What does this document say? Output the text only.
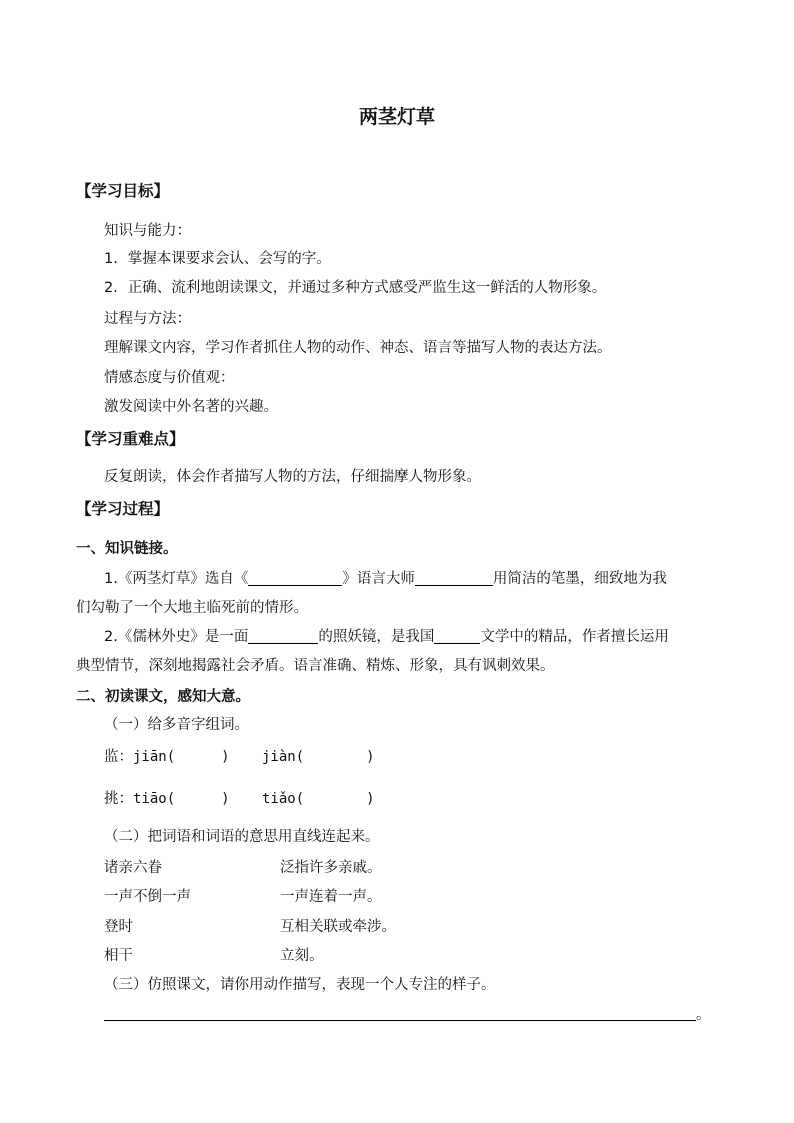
两茎灯草
【学习目标】
知识与能力：
1．掌握本课要求会认、会写的字。
2．正确、流利地朗读课文，并通过多种方式感受严监生这一鲜活的人物形象。
过程与方法：
理解课文内容，学习作者抓住人物的动作、神态、语言等描写人物的表达方法。
情感态度与价值观：
激发阅读中外名著的兴趣。
【学习重难点】
反复朗读，体会作者描写人物的方法，仔细揣摩人物形象。
【学习过程】
一、知识链接。
1.《两茎灯草》选自《	》语言大师	用简洁的笔墨，细致地为我
们勾勒了一个大地主临死前的情形。
2.《儒林外史》是一面	的照妖镜，是我国	文学中的精品，作者擅长运用
典型情节，深刻地揭露社会矛盾。语言准确、精炼、形象，具有讽刺效果。
二、初读课文，感知大意。
（一）给多音字组词。
监：jiān(	) jiàn(	)
挑：tiāo(	) tiǎo(	)
（二）把词语和词语的意思用直线连起来。
诸亲六眷	泛指许多亲戚。
一声不倒一声	一声连着一声。
登时	互相关联或牵涉。
相干	立刻。
（三）仿照课文，请你用动作描写，表现一个人专注的样子。
。
